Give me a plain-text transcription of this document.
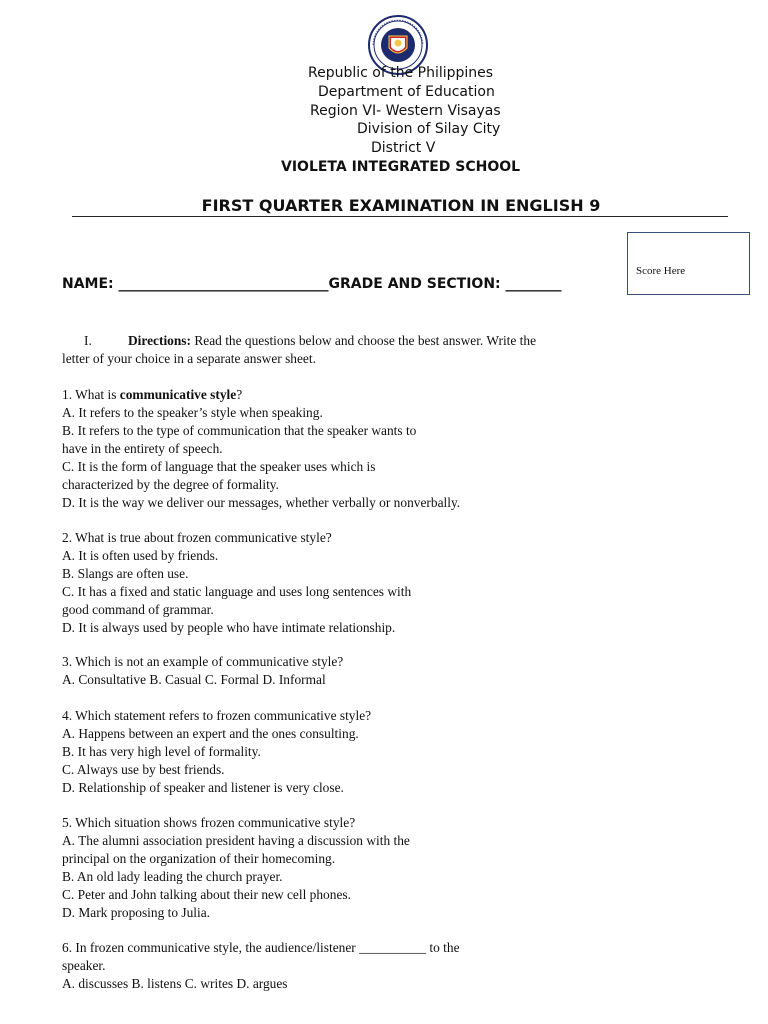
Republic of the Philippines
Department of Education
Region VI- Western Visayas
Division of Silay City
District V
VIOLETA INTEGRATED SCHOOL
FIRST QUARTER EXAMINATION IN ENGLISH 9
Score Here
NAME: ______________________________GRADE AND SECTION: ________
I.	Directions: Read the questions below and choose the best answer. Write the
letter of your choice in a separate answer sheet.
1. What is communicative style?
A. It refers to the speaker’s style when speaking.
B. It refers to the type of communication that the speaker wants to
have in the entirety of speech.
C. It is the form of language that the speaker uses which is
characterized by the degree of formality.
D. It is the way we deliver our messages, whether verbally or nonverbally.
2. What is true about frozen communicative style?
A. It is often used by friends.
B. Slangs are often use.
C. It has a fixed and static language and uses long sentences with
good command of grammar.
D. It is always used by people who have intimate relationship.
3. Which is not an example of communicative style?
A. Consultative B. Casual C. Formal D. Informal
4. Which statement refers to frozen communicative style?
A. Happens between an expert and the ones consulting.
B. It has very high level of formality.
C. Always use by best friends.
D. Relationship of speaker and listener is very close.
5. Which situation shows frozen communicative style?
A. The alumni association president having a discussion with the
principal on the organization of their homecoming.
B. An old lady leading the church prayer.
C. Peter and John talking about their new cell phones.
D. Mark proposing to Julia.
6. In frozen communicative style, the audience/listener __________ to the
speaker.
A. discusses B. listens C. writes D. argues
